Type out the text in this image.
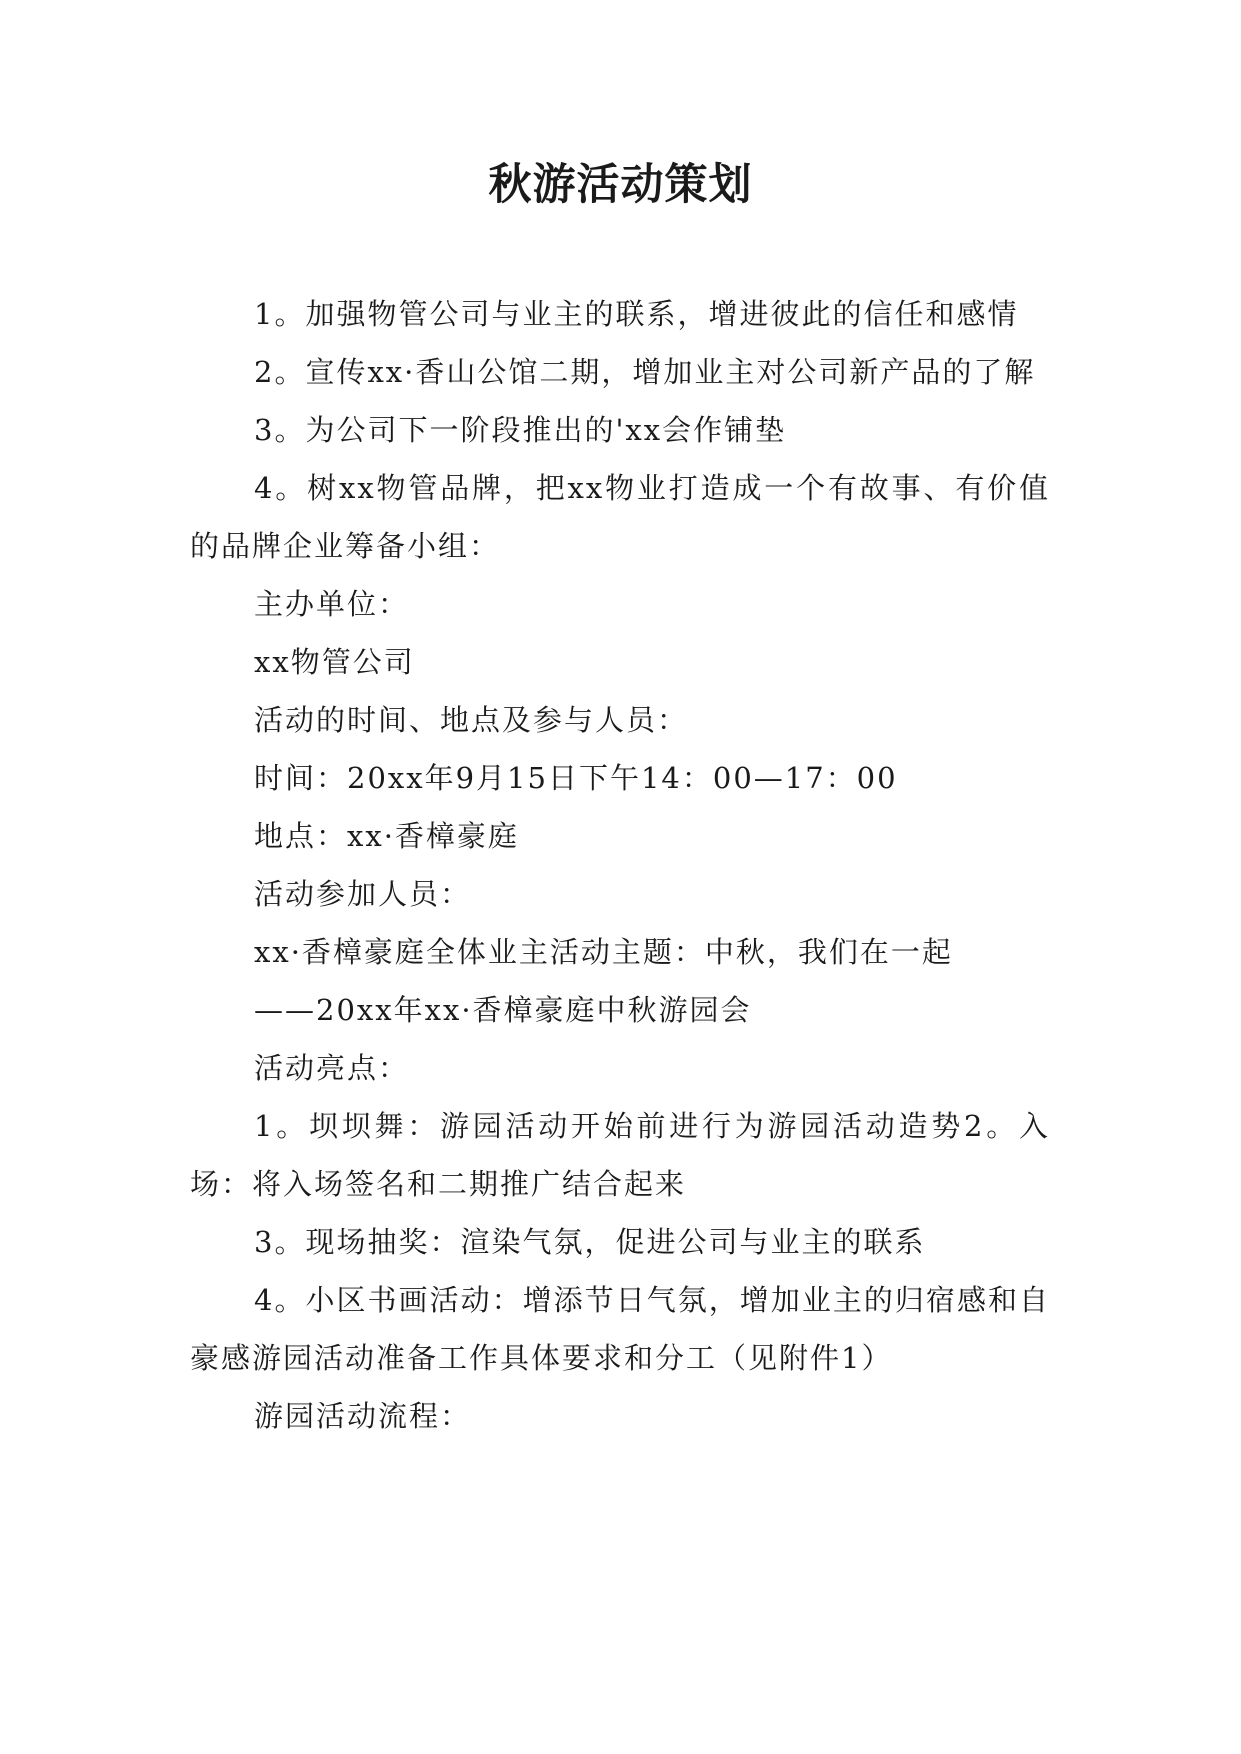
秋游活动策划

1。加强物管公司与业主的联系，增进彼此的信任和感情

2。宣传xx·香山公馆二期，增加业主对公司新产品的了解

3。为公司下一阶段推出的'xx会作铺垫

4。树xx物管品牌，把xx物业打造成一个有故事、有价值的品牌企业筹备小组：

主办单位：

xx物管公司

活动的时间、地点及参与人员：

时间：20xx年9月15日下午14：00—17：00

地点：xx·香樟豪庭

活动参加人员：

xx·香樟豪庭全体业主活动主题：中秋，我们在一起

——20xx年xx·香樟豪庭中秋游园会

活动亮点：

1。坝坝舞：游园活动开始前进行为游园活动造势2。入场：将入场签名和二期推广结合起来

3。现场抽奖：渲染气氛，促进公司与业主的联系

4。小区书画活动：增添节日气氛，增加业主的归宿感和自豪感游园活动准备工作具体要求和分工（见附件1）

游园活动流程：
